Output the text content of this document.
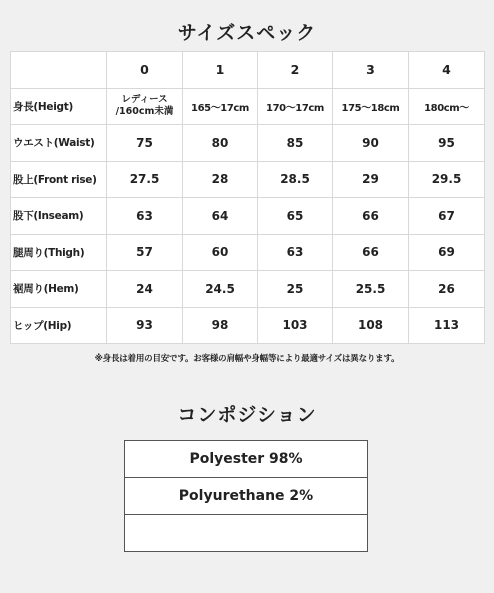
サイズスペック
	0	1	2	3	4
身長(Heigt)	レディース /160cm未満	165～17cm	170～17cm	175～18cm	180cm～
ウエスト(Waist)	75	80	85	90	95
股上(Front rise)	27.5	28	28.5	29	29.5
股下(Inseam)	63	64	65	66	67
腿周り(Thigh)	57	60	63	66	69
裾周り(Hem)	24	24.5	25	25.5	26
ヒップ(Hip)	93	98	103	108	113
※身長は着用の目安です。お客様の肩幅や身幅等により最適サイズは異なります。
コンポジション
Polyester 98%
Polyurethane 2%
